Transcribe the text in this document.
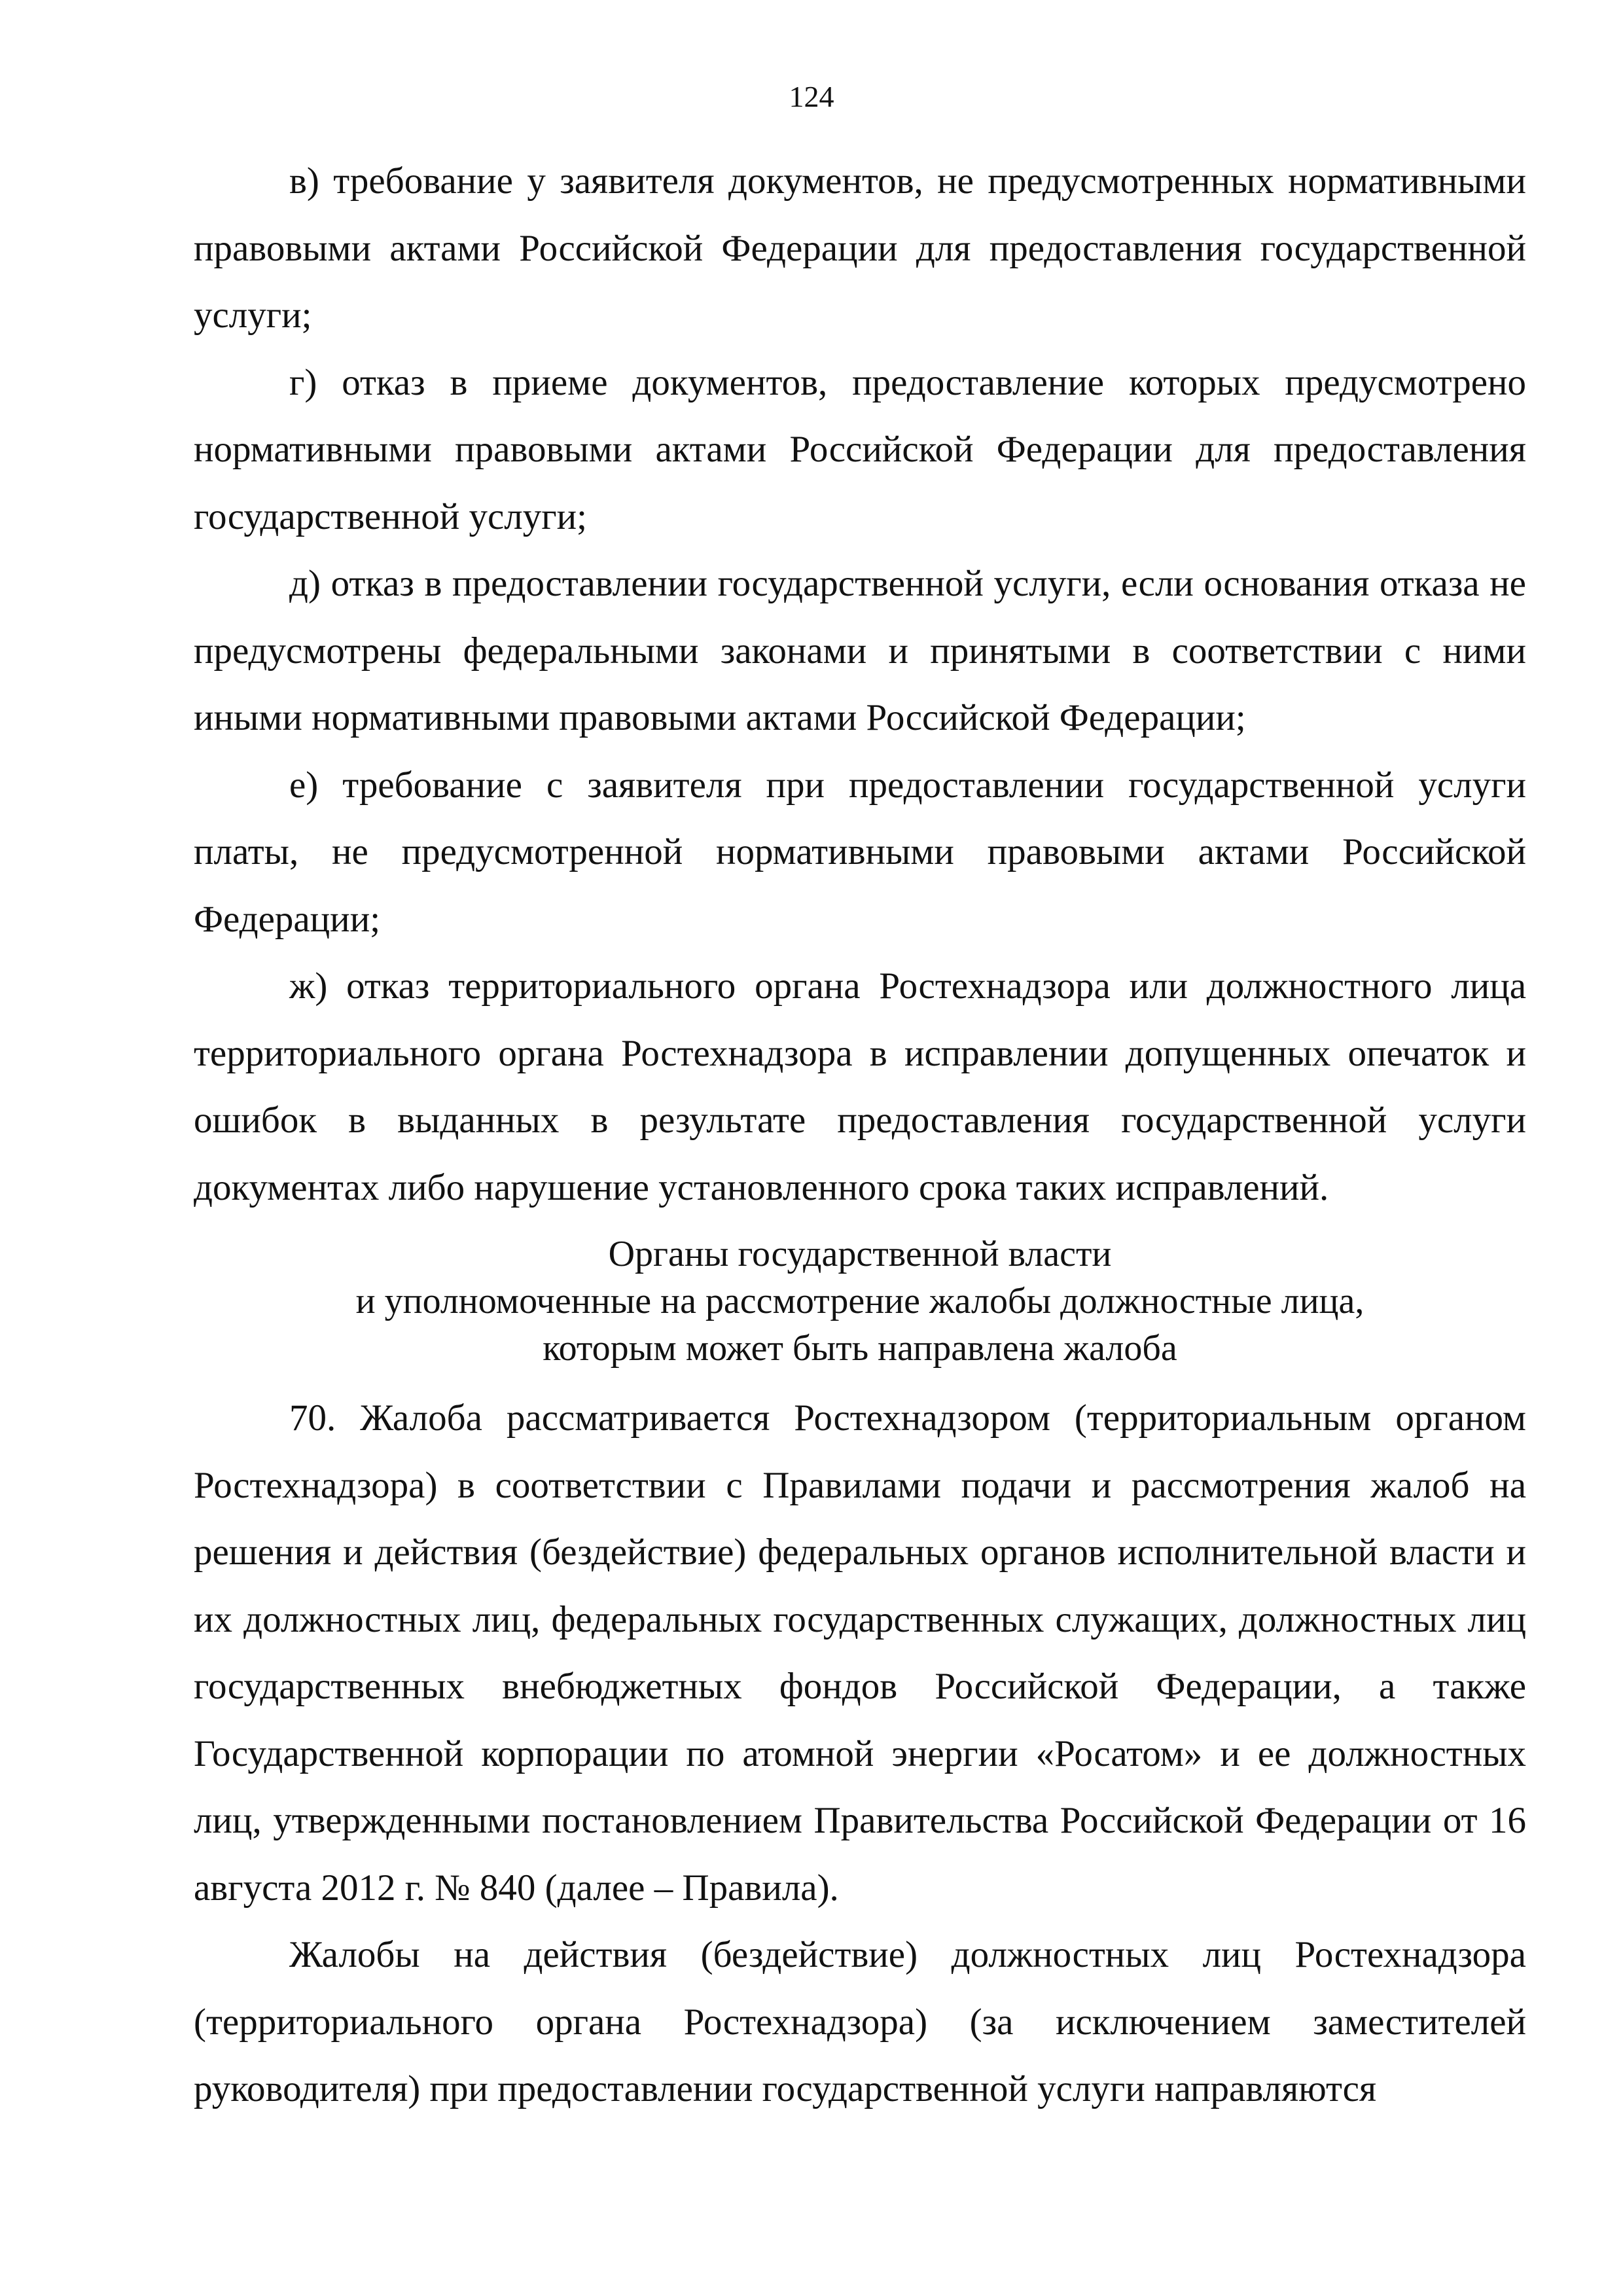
124

в) требование у заявителя документов, не предусмотренных нормативными правовыми актами Российской Федерации для предоставления государственной услуги;

г) отказ в приеме документов, предоставление которых предусмотрено нормативными правовыми актами Российской Федерации для предоставления государственной услуги;

д) отказ в предоставлении государственной услуги, если основания отказа не предусмотрены федеральными законами и принятыми в соответствии с ними иными нормативными правовыми актами Российской Федерации;

е) требование с заявителя при предоставлении государственной услуги платы, не предусмотренной нормативными правовыми актами Российской Федерации;

ж) отказ территориального органа Ростехнадзора или должностного лица территориального органа Ростехнадзора в исправлении допущенных опечаток и ошибок в выданных в результате предоставления государственной услуги документах либо нарушение установленного срока таких исправлений.

Органы государственной власти
и уполномоченные на рассмотрение жалобы должностные лица,
которым может быть направлена жалоба

70. Жалоба рассматривается Ростехнадзором (территориальным органом Ростехнадзора) в соответствии с Правилами подачи и рассмотрения жалоб на решения и действия (бездействие) федеральных органов исполнительной власти и их должностных лиц, федеральных государственных служащих, должностных лиц государственных внебюджетных фондов Российской Федерации, а также Государственной корпорации по атомной энергии «Росатом» и ее должностных лиц, утвержденными постановлением Правительства Российской Федерации от 16 августа 2012 г. № 840 (далее – Правила).

Жалобы на действия (бездействие) должностных лиц Ростехнадзора (территориального органа Ростехнадзора) (за исключением заместителей руководителя) при предоставлении государственной услуги направляются
